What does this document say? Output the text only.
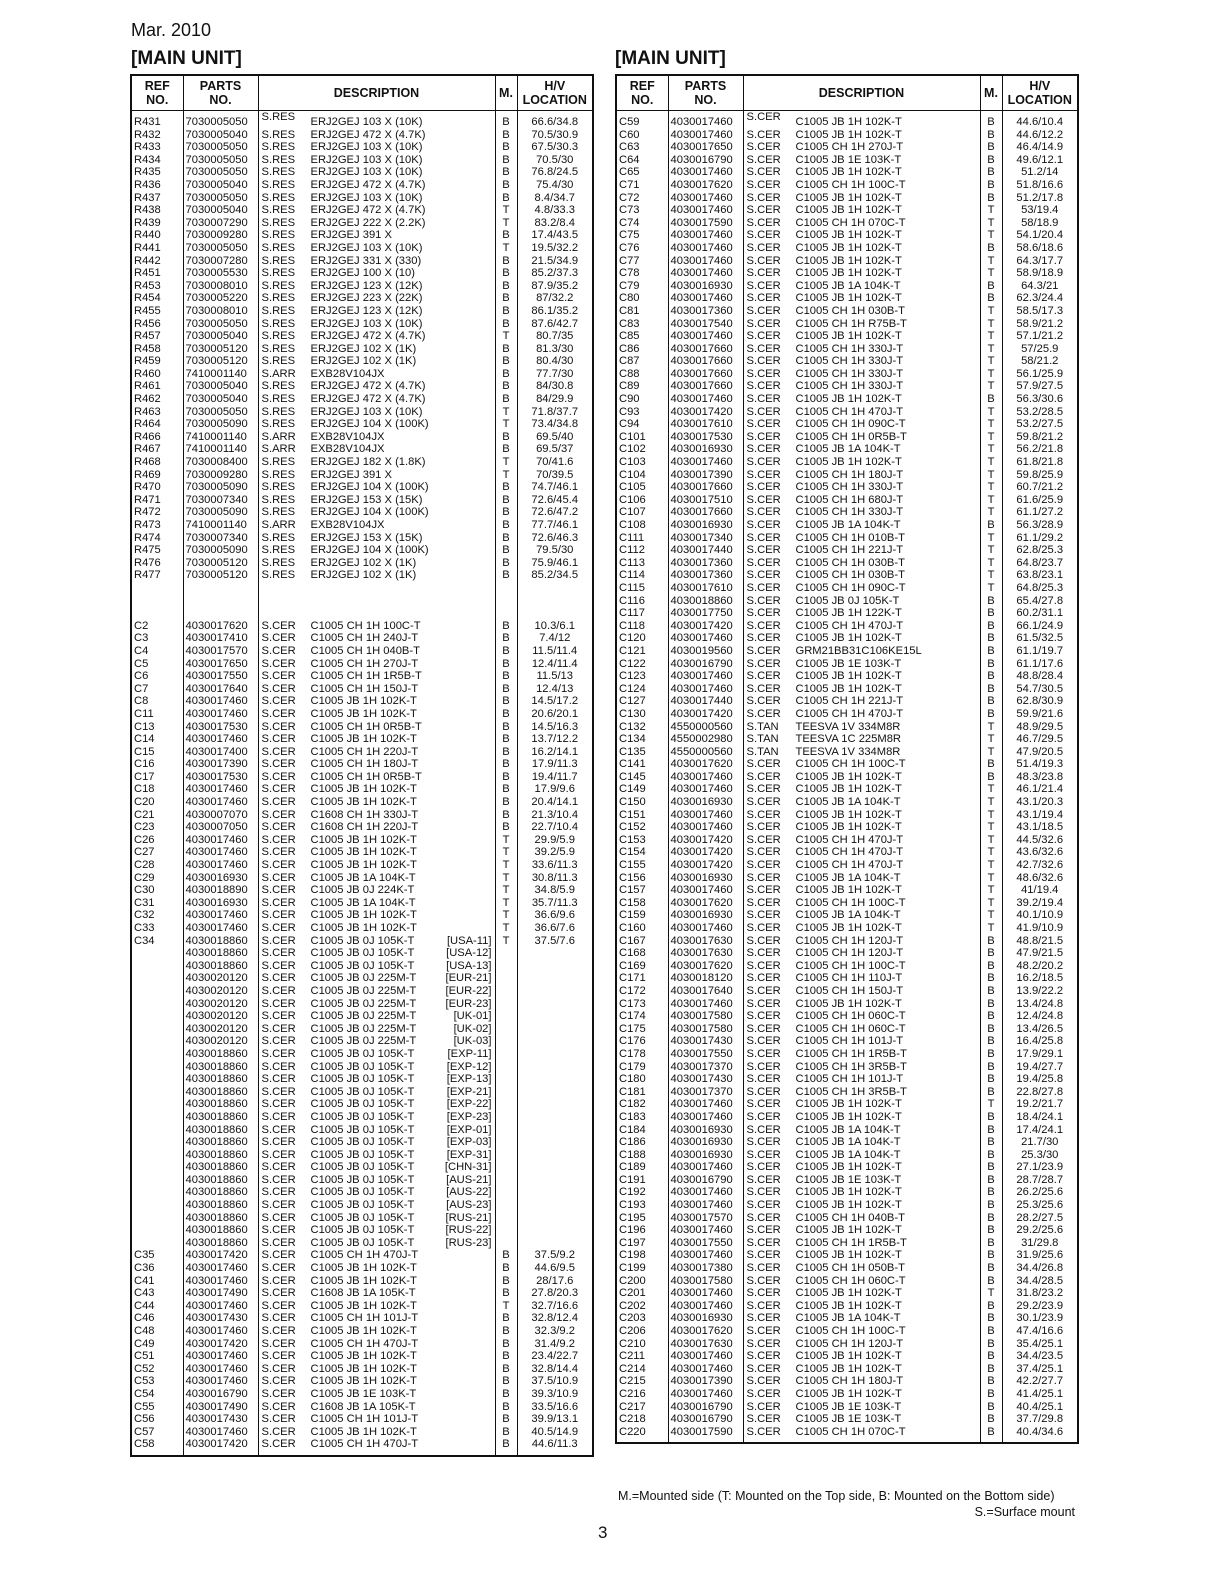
Mar. 2010
[MAIN UNIT]	[MAIN UNIT]
REF
NO.	PARTS
NO.	DESCRIPTION	M.	H/V
LOCATION
R431	7030005050	S.RES ERJ2GEJ 103 X (10K)	B	66.6/34.8
R432	7030005040	S.RES ERJ2GEJ 472 X (4.7K)	B	70.5/30.9
R433	7030005050	S.RES ERJ2GEJ 103 X (10K)	B	67.5/30.3
R434	7030005050	S.RES ERJ2GEJ 103 X (10K)	B	70.5/30
R435	7030005050	S.RES ERJ2GEJ 103 X (10K)	B	76.8/24.5
R436	7030005040	S.RES ERJ2GEJ 472 X (4.7K)	B	75.4/30
R437	7030005050	S.RES ERJ2GEJ 103 X (10K)	B	8.4/34.7
R438	7030005040	S.RES ERJ2GEJ 472 X (4.7K)	T	4.8/33.3
R439	7030007290	S.RES ERJ2GEJ 222 X (2.2K)	T	83.2/8.4
R440	7030009280	S.RES ERJ2GEJ 391 X	B	17.4/43.5
R441	7030005050	S.RES ERJ2GEJ 103 X (10K)	T	19.5/32.2
R442	7030007280	S.RES ERJ2GEJ 331 X (330)	B	21.5/34.9
R451	7030005530	S.RES ERJ2GEJ 100 X (10)	B	85.2/37.3
R453	7030008010	S.RES ERJ2GEJ 123 X (12K)	B	87.9/35.2
R454	7030005220	S.RES ERJ2GEJ 223 X (22K)	B	87/32.2
R455	7030008010	S.RES ERJ2GEJ 123 X (12K)	B	86.1/35.2
R456	7030005050	S.RES ERJ2GEJ 103 X (10K)	B	87.6/42.7
R457	7030005040	S.RES ERJ2GEJ 472 X (4.7K)	T	80.7/35
R458	7030005120	S.RES ERJ2GEJ 102 X (1K)	B	81.3/30
R459	7030005120	S.RES ERJ2GEJ 102 X (1K)	B	80.4/30
R460	7410001140	S.ARR EXB28V104JX	B	77.7/30
R461	7030005040	S.RES ERJ2GEJ 472 X (4.7K)	B	84/30.8
R462	7030005040	S.RES ERJ2GEJ 472 X (4.7K)	B	84/29.9
R463	7030005050	S.RES ERJ2GEJ 103 X (10K)	T	71.8/37.7
R464	7030005090	S.RES ERJ2GEJ 104 X (100K)	T	73.4/34.8
R466	7410001140	S.ARR EXB28V104JX	B	69.5/40
R467	7410001140	S.ARR EXB28V104JX	B	69.5/37
R468	7030008400	S.RES ERJ2GEJ 182 X (1.8K)	T	70/41.6
R469	7030009280	S.RES ERJ2GEJ 391 X	T	70/39.5
R470	7030005090	S.RES ERJ2GEJ 104 X (100K)	B	74.7/46.1
R471	7030007340	S.RES ERJ2GEJ 153 X (15K)	B	72.6/45.4
R472	7030005090	S.RES ERJ2GEJ 104 X (100K)	B	72.6/47.2
R473	7410001140	S.ARR EXB28V104JX	B	77.7/46.1
R474	7030007340	S.RES ERJ2GEJ 153 X (15K)	B	72.6/46.3
R475	7030005090	S.RES ERJ2GEJ 104 X (100K)	B	79.5/30
R476	7030005120	S.RES ERJ2GEJ 102 X (1K)	B	75.9/46.1
R477	7030005120	S.RES ERJ2GEJ 102 X (1K)	B	85.2/34.5

C2	4030017620	S.CER C1005 CH 1H 100C-T	B	10.3/6.1
C3	4030017410	S.CER C1005 CH 1H 240J-T	B	7.4/12
C4	4030017570	S.CER C1005 CH 1H 040B-T	B	11.5/11.4
C5	4030017650	S.CER C1005 CH 1H 270J-T	B	12.4/11.4
C6	4030017550	S.CER C1005 CH 1H 1R5B-T	B	11.5/13
C7	4030017640	S.CER C1005 CH 1H 150J-T	B	12.4/13
C8	4030017460	S.CER C1005 JB 1H 102K-T	B	14.5/17.2
C11	4030017460	S.CER C1005 JB 1H 102K-T	B	20.6/20.1
C13	4030017530	S.CER C1005 CH 1H 0R5B-T	B	14.5/16.3
C14	4030017460	S.CER C1005 JB 1H 102K-T	B	13.7/12.2
C15	4030017400	S.CER C1005 CH 1H 220J-T	B	16.2/14.1
C16	4030017390	S.CER C1005 CH 1H 180J-T	B	17.9/11.3
C17	4030017530	S.CER C1005 CH 1H 0R5B-T	B	19.4/11.7
C18	4030017460	S.CER C1005 JB 1H 102K-T	B	17.9/9.6
C20	4030017460	S.CER C1005 JB 1H 102K-T	B	20.4/14.1
C21	4030007070	S.CER C1608 CH 1H 330J-T	B	21.3/10.4
C23	4030007050	S.CER C1608 CH 1H 220J-T	B	22.7/10.4
C26	4030017460	S.CER C1005 JB 1H 102K-T	T	29.9/5.9
C27	4030017460	S.CER C1005 JB 1H 102K-T	T	39.2/5.9
C28	4030017460	S.CER C1005 JB 1H 102K-T	T	33.6/11.3
C29	4030016930	S.CER C1005 JB 1A 104K-T	T	30.8/11.3
C30	4030018890	S.CER C1005 JB 0J 224K-T	T	34.8/5.9
C31	4030016930	S.CER C1005 JB 1A 104K-T	T	35.7/11.3
C32	4030017460	S.CER C1005 JB 1H 102K-T	T	36.6/9.6
C33	4030017460	S.CER C1005 JB 1H 102K-T	T	36.6/7.6
C34	4030018860	S.CER C1005 JB 0J 105K-T [USA-11]	T	37.5/7.6
	4030018860	S.CER C1005 JB 0J 105K-T [USA-12]		

	4030018860	S.CER C1005 JB 0J 105K-T [USA-13]		

	4030020120	S.CER C1005 JB 0J 225M-T [EUR-21]		

	4030020120	S.CER C1005 JB 0J 225M-T [EUR-22]		

	4030020120	S.CER C1005 JB 0J 225M-T [EUR-23]		

	4030020120	S.CER C1005 JB 0J 225M-T [UK-01]		

	4030020120	S.CER C1005 JB 0J 225M-T [UK-02]		

	4030020120	S.CER C1005 JB 0J 225M-T [UK-03]		

	4030018860	S.CER C1005 JB 0J 105K-T [EXP-11]		

	4030018860	S.CER C1005 JB 0J 105K-T [EXP-12]		

	4030018860	S.CER C1005 JB 0J 105K-T [EXP-13]		

	4030018860	S.CER C1005 JB 0J 105K-T [EXP-21]		

	4030018860	S.CER C1005 JB 0J 105K-T [EXP-22]		

	4030018860	S.CER C1005 JB 0J 105K-T [EXP-23]		

	4030018860	S.CER C1005 JB 0J 105K-T [EXP-01]		

	4030018860	S.CER C1005 JB 0J 105K-T [EXP-03]		

	4030018860	S.CER C1005 JB 0J 105K-T [EXP-31]		

	4030018860	S.CER C1005 JB 0J 105K-T [CHN-31]		

	4030018860	S.CER C1005 JB 0J 105K-T [AUS-21]		

	4030018860	S.CER C1005 JB 0J 105K-T [AUS-22]		

	4030018860	S.CER C1005 JB 0J 105K-T [AUS-23]		

	4030018860	S.CER C1005 JB 0J 105K-T [RUS-21]		

	4030018860	S.CER C1005 JB 0J 105K-T [RUS-22]		

	4030018860	S.CER C1005 JB 0J 105K-T [RUS-23]		

C35	4030017420	S.CER C1005 CH 1H 470J-T	B	37.5/9.2
C36	4030017460	S.CER C1005 JB 1H 102K-T	B	44.6/9.5
C41	4030017460	S.CER C1005 JB 1H 102K-T	B	28/17.6
C43	4030017490	S.CER C1608 JB 1A 105K-T	B	27.8/20.3
C44	4030017460	S.CER C1005 JB 1H 102K-T	T	32.7/16.6
C46	4030017430	S.CER C1005 CH 1H 101J-T	B	32.8/12.4
C48	4030017460	S.CER C1005 JB 1H 102K-T	B	32.3/9.2
C49	4030017420	S.CER C1005 CH 1H 470J-T	B	31.4/9.2
C51	4030017460	S.CER C1005 JB 1H 102K-T	B	23.4/22.7
C52	4030017460	S.CER C1005 JB 1H 102K-T	B	32.8/14.4
C53	4030017460	S.CER C1005 JB 1H 102K-T	B	37.5/10.9
C54	4030016790	S.CER C1005 JB 1E 103K-T	B	39.3/10.9
C55	4030017490	S.CER C1608 JB 1A 105K-T	B	33.5/16.6
C56	4030017430	S.CER C1005 CH 1H 101J-T	B	39.9/13.1
C57	4030017460	S.CER C1005 JB 1H 102K-T	B	40.5/14.9
C58	4030017420	S.CER C1005 CH 1H 470J-T	B	44.6/11.3
REF
NO.	PARTS
NO.	DESCRIPTION	M.	H/V
LOCATION
C59	4030017460	S.CER C1005 JB 1H 102K-T	B	44.6/10.4
C60	4030017460	S.CER C1005 JB 1H 102K-T	B	44.6/12.2
C63	4030017650	S.CER C1005 CH 1H 270J-T	B	46.4/14.9
C64	4030016790	S.CER C1005 JB 1E 103K-T	B	49.6/12.1
C65	4030017460	S.CER C1005 JB 1H 102K-T	B	51.2/14
C71	4030017620	S.CER C1005 CH 1H 100C-T	B	51.8/16.6
C72	4030017460	S.CER C1005 JB 1H 102K-T	B	51.2/17.8
C73	4030017460	S.CER C1005 JB 1H 102K-T	T	53/19.4
C74	4030017590	S.CER C1005 CH 1H 070C-T	T	58/18.9
C75	4030017460	S.CER C1005 JB 1H 102K-T	T	54.1/20.4
C76	4030017460	S.CER C1005 JB 1H 102K-T	B	58.6/18.6
C77	4030017460	S.CER C1005 JB 1H 102K-T	T	64.3/17.7
C78	4030017460	S.CER C1005 JB 1H 102K-T	T	58.9/18.9
C79	4030016930	S.CER C1005 JB 1A 104K-T	B	64.3/21
C80	4030017460	S.CER C1005 JB 1H 102K-T	B	62.3/24.4
C81	4030017360	S.CER C1005 CH 1H 030B-T	T	58.5/17.3
C83	4030017540	S.CER C1005 CH 1H R75B-T	T	58.9/21.2
C85	4030017460	S.CER C1005 JB 1H 102K-T	T	57.1/21.2
C86	4030017660	S.CER C1005 CH 1H 330J-T	T	57/25.9
C87	4030017660	S.CER C1005 CH 1H 330J-T	T	58/21.2
C88	4030017660	S.CER C1005 CH 1H 330J-T	T	56.1/25.9
C89	4030017660	S.CER C1005 CH 1H 330J-T	T	57.9/27.5
C90	4030017460	S.CER C1005 JB 1H 102K-T	B	56.3/30.6
C93	4030017420	S.CER C1005 CH 1H 470J-T	T	53.2/28.5
C94	4030017610	S.CER C1005 CH 1H 090C-T	T	53.2/27.5
C101	4030017530	S.CER C1005 CH 1H 0R5B-T	T	59.8/21.2
C102	4030016930	S.CER C1005 JB 1A 104K-T	T	56.2/21.8
C103	4030017460	S.CER C1005 JB 1H 102K-T	T	61.8/21.8
C104	4030017390	S.CER C1005 CH 1H 180J-T	T	59.8/25.9
C105	4030017660	S.CER C1005 CH 1H 330J-T	T	60.7/21.2
C106	4030017510	S.CER C1005 CH 1H 680J-T	T	61.6/25.9
C107	4030017660	S.CER C1005 CH 1H 330J-T	T	61.1/27.2
C108	4030016930	S.CER C1005 JB 1A 104K-T	B	56.3/28.9
C111	4030017340	S.CER C1005 CH 1H 010B-T	T	61.1/29.2
C112	4030017440	S.CER C1005 CH 1H 221J-T	T	62.8/25.3
C113	4030017360	S.CER C1005 CH 1H 030B-T	T	64.8/23.7
C114	4030017360	S.CER C1005 CH 1H 030B-T	T	63.8/23.1
C115	4030017610	S.CER C1005 CH 1H 090C-T	T	64.8/25.3
C116	4030018860	S.CER C1005 JB 0J 105K-T	B	65.4/27.8
C117	4030017750	S.CER C1005 JB 1H 122K-T	B	60.2/31.1
C118	4030017420	S.CER C1005 CH 1H 470J-T	B	66.1/24.9
C120	4030017460	S.CER C1005 JB 1H 102K-T	B	61.5/32.5
C121	4030019560	S.CER GRM21BB31C106KE15L	B	61.1/19.7
C122	4030016790	S.CER C1005 JB 1E 103K-T	B	61.1/17.6
C123	4030017460	S.CER C1005 JB 1H 102K-T	B	48.8/28.4
C124	4030017460	S.CER C1005 JB 1H 102K-T	B	54.7/30.5
C127	4030017440	S.CER C1005 CH 1H 221J-T	B	62.8/30.9
C130	4030017420	S.CER C1005 CH 1H 470J-T	B	59.9/21.6
C132	4550000560	S.TAN TEESVA 1V 334M8R	T	48.9/29.5
C134	4550002980	S.TAN TEESVA 1C 225M8R	T	46.7/29.5
C135	4550000560	S.TAN TEESVA 1V 334M8R	T	47.9/20.5
C141	4030017620	S.CER C1005 CH 1H 100C-T	B	51.4/19.3
C145	4030017460	S.CER C1005 JB 1H 102K-T	B	48.3/23.8
C149	4030017460	S.CER C1005 JB 1H 102K-T	T	46.1/21.4
C150	4030016930	S.CER C1005 JB 1A 104K-T	T	43.1/20.3
C151	4030017460	S.CER C1005 JB 1H 102K-T	T	43.1/19.4
C152	4030017460	S.CER C1005 JB 1H 102K-T	T	43.1/18.5
C153	4030017420	S.CER C1005 CH 1H 470J-T	T	44.5/32.6
C154	4030017420	S.CER C1005 CH 1H 470J-T	T	43.6/32.6
C155	4030017420	S.CER C1005 CH 1H 470J-T	T	42.7/32.6
C156	4030016930	S.CER C1005 JB 1A 104K-T	T	48.6/32.6
C157	4030017460	S.CER C1005 JB 1H 102K-T	T	41/19.4
C158	4030017620	S.CER C1005 CH 1H 100C-T	T	39.2/19.4
C159	4030016930	S.CER C1005 JB 1A 104K-T	T	40.1/10.9
C160	4030017460	S.CER C1005 JB 1H 102K-T	T	41.9/10.9
C167	4030017630	S.CER C1005 CH 1H 120J-T	B	48.8/21.5
C168	4030017630	S.CER C1005 CH 1H 120J-T	B	47.9/21.5
C169	4030017620	S.CER C1005 CH 1H 100C-T	B	48.2/20.2
C171	4030018120	S.CER C1005 CH 1H 110J-T	B	16.2/18.5
C172	4030017640	S.CER C1005 CH 1H 150J-T	B	13.9/22.2
C173	4030017460	S.CER C1005 JB 1H 102K-T	B	13.4/24.8
C174	4030017580	S.CER C1005 CH 1H 060C-T	B	12.4/24.8
C175	4030017580	S.CER C1005 CH 1H 060C-T	B	13.4/26.5
C176	4030017430	S.CER C1005 CH 1H 101J-T	B	16.4/25.8
C178	4030017550	S.CER C1005 CH 1H 1R5B-T	B	17.9/29.1
C179	4030017370	S.CER C1005 CH 1H 3R5B-T	B	19.4/27.7
C180	4030017430	S.CER C1005 CH 1H 101J-T	B	19.4/25.8
C181	4030017370	S.CER C1005 CH 1H 3R5B-T	B	22.8/27.8
C182	4030017460	S.CER C1005 JB 1H 102K-T	T	19.2/21.7
C183	4030017460	S.CER C1005 JB 1H 102K-T	B	18.4/24.1
C184	4030016930	S.CER C1005 JB 1A 104K-T	B	17.4/24.1
C186	4030016930	S.CER C1005 JB 1A 104K-T	B	21.7/30
C188	4030016930	S.CER C1005 JB 1A 104K-T	B	25.3/30
C189	4030017460	S.CER C1005 JB 1H 102K-T	B	27.1/23.9
C191	4030016790	S.CER C1005 JB 1E 103K-T	B	28.7/28.7
C192	4030017460	S.CER C1005 JB 1H 102K-T	B	26.2/25.6
C193	4030017460	S.CER C1005 JB 1H 102K-T	B	25.3/25.6
C195	4030017570	S.CER C1005 CH 1H 040B-T	B	28.2/27.5
C196	4030017460	S.CER C1005 JB 1H 102K-T	B	29.2/25.6
C197	4030017550	S.CER C1005 CH 1H 1R5B-T	B	31/29.8
C198	4030017460	S.CER C1005 JB 1H 102K-T	B	31.9/25.6
C199	4030017380	S.CER C1005 CH 1H 050B-T	B	34.4/26.8
C200	4030017580	S.CER C1005 CH 1H 060C-T	B	34.4/28.5
C201	4030017460	S.CER C1005 JB 1H 102K-T	T	31.8/23.2
C202	4030017460	S.CER C1005 JB 1H 102K-T	B	29.2/23.9
C203	4030016930	S.CER C1005 JB 1A 104K-T	B	30.1/23.9
C206	4030017620	S.CER C1005 CH 1H 100C-T	B	47.4/16.6
C210	4030017630	S.CER C1005 CH 1H 120J-T	B	35.4/25.1
C211	4030017460	S.CER C1005 JB 1H 102K-T	B	34.4/23.5
C214	4030017460	S.CER C1005 JB 1H 102K-T	B	37.4/25.1
C215	4030017390	S.CER C1005 CH 1H 180J-T	B	42.2/27.7
C216	4030017460	S.CER C1005 JB 1H 102K-T	B	41.4/25.1
C217	4030016790	S.CER C1005 JB 1E 103K-T	B	40.4/25.1
C218	4030016790	S.CER C1005 JB 1E 103K-T	B	37.7/29.8
C220	4030017590	S.CER C1005 CH 1H 070C-T	B	40.4/34.6
M.=Mounted side (T: Mounted on the Top side, B: Mounted on the Bottom side)
S.=Surface mount
3
